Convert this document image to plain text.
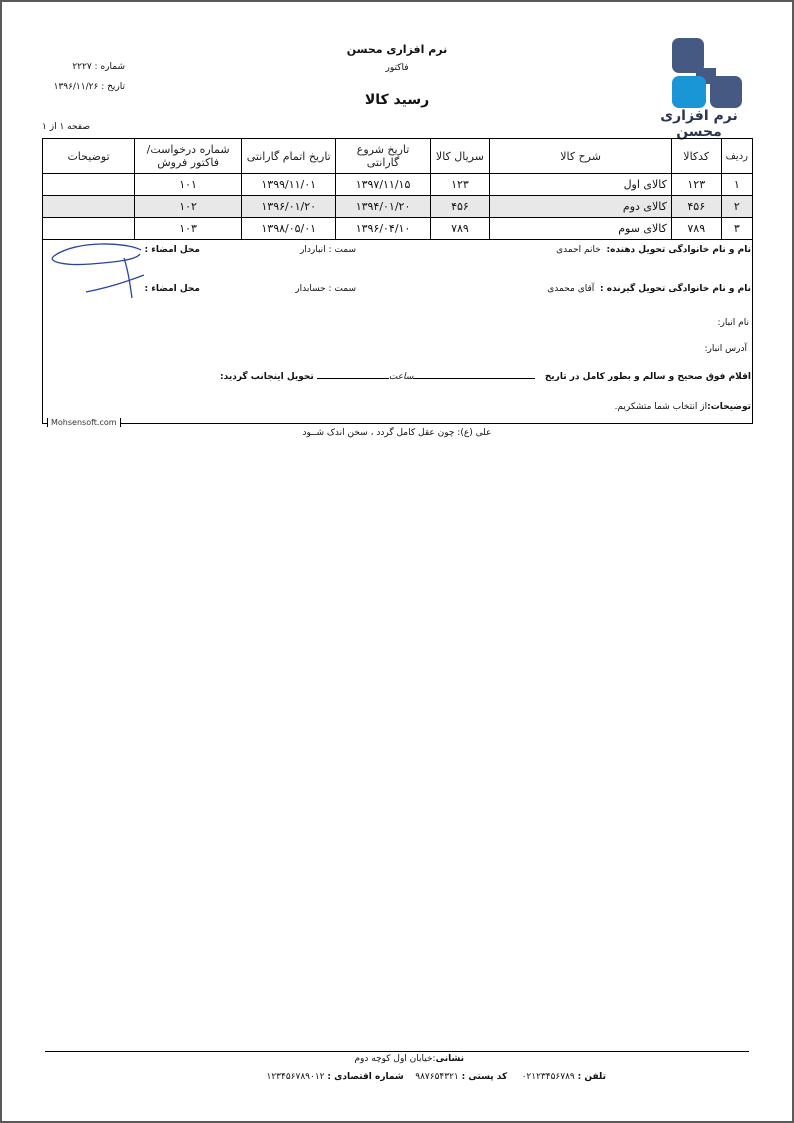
نرم افزاری محسن
نرم افزاری محسن
فاکتور
رسید کالا
شماره : ۲۲۲۷
تاریخ : ۱۳۹۶/۱۱/۲۶
صفحه ۱ از ۱
ردیف	کدکالا	شرح کالا	سریال کالا	تاریخ شروع گارانتی	تاریخ اتمام گارانتی	شماره درخواست/ فاکتور فروش	توضیحات
۱	۱۲۳	کالای اول	۱۲۳	۱۳۹۷/۱۱/۱۵	۱۳۹۹/۱۱/۰۱	۱۰۱	
۲	۴۵۶	کالای دوم	۴۵۶	۱۳۹۴/۰۱/۲۰	۱۳۹۶/۰۱/۲۰	۱۰۲	
۳	۷۸۹	کالای سوم	۷۸۹	۱۳۹۶/۰۴/۱۰	۱۳۹۸/۰۵/۰۱	۱۰۳	
نام و نام خانوادگی تحویل دهنده:  خانم احمدی
سمت : انباردار
محل امضاء :
نام و نام خانوادگی تحویل گیرنده :  آقای محمدی
سمت : حسابدار
محل امضاء :
نام انبار:
آدرس انبار:
اقلام فوق صحیح و سالم و بطور کامل در تاریخ   ساعت تحویل اینجانب گردید:
توضیحات:از انتخاب شما متشکریم.
Mohsensoft.com
علی (ع): چون عقل کامل گردد ، سخن اندک شــود
نشانی:خیابان اول کوچه دوم
تلفن : ۰۲۱۲۳۴۵۶۷۸۹     کد پستی : ۹۸۷۶۵۴۳۲۱    شماره اقتصادی : ۱۲۳۴۵۶۷۸۹۰۱۲
